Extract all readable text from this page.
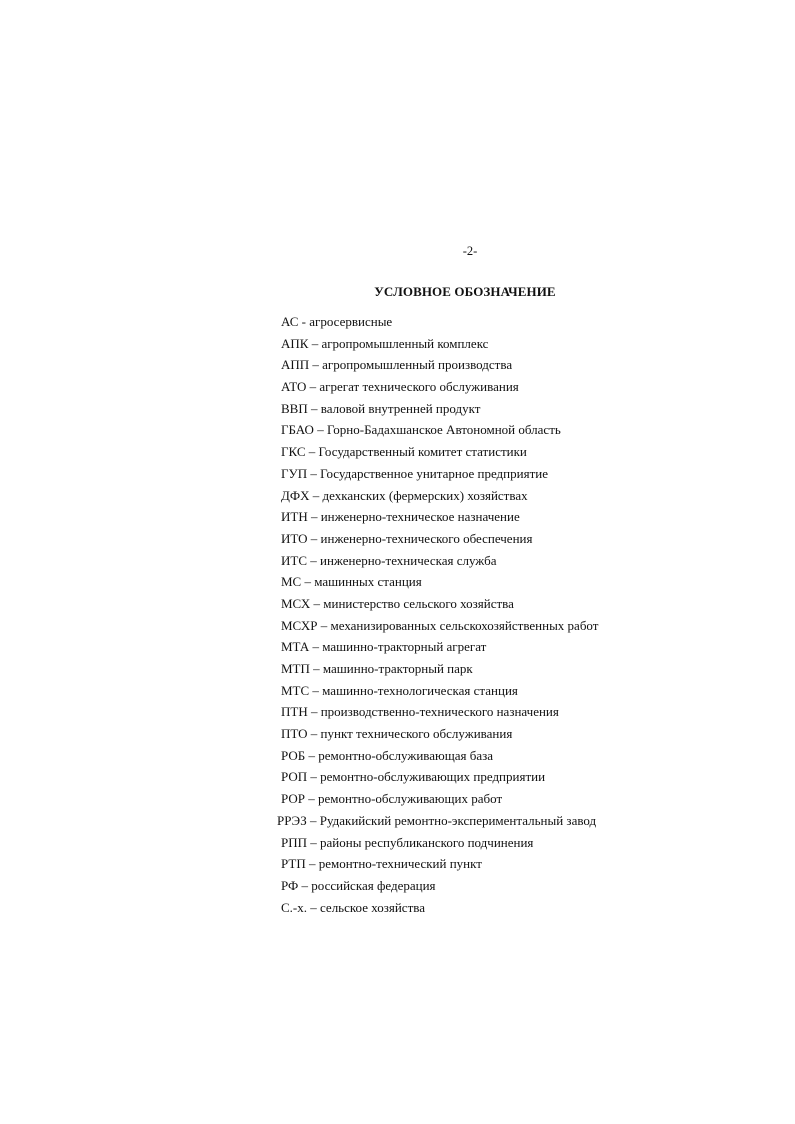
-2-
УСЛОВНОЕ ОБОЗНАЧЕНИЕ
АС - агросервисные
АПК – агропромышленный комплекс
АПП – агропромышленный производства
АТО – агрегат технического обслуживания
ВВП – валовой внутренней продукт
ГБАО – Горно-Бадахшанское Автономной область
ГКС – Государственный комитет статистики
ГУП – Государственное унитарное предприятие
ДФХ – дехканских (фермерских) хозяйствах
ИТН – инженерно-техническое назначение
ИТО – инженерно-технического обеспечения
ИТС – инженерно-техническая служба
МС – машинных станция
МСХ – министерство сельского хозяйства
МСХР – механизированных сельскохозяйственных работ
МТА – машинно-тракторный агрегат
МТП – машинно-тракторный парк
МТС – машинно-технологическая станция
ПТН – производственно-технического назначения
ПТО – пункт технического обслуживания
РОБ – ремонтно-обслуживающая база
РОП – ремонтно-обслуживающих предприятии
РОР – ремонтно-обслуживающих работ
РРЭЗ – Рудакийский ремонтно-экспериментальный завод
РПП – районы республиканского подчинения
РТП – ремонтно-технический пункт
РФ – российская федерация
С.-х. – сельское хозяйства
